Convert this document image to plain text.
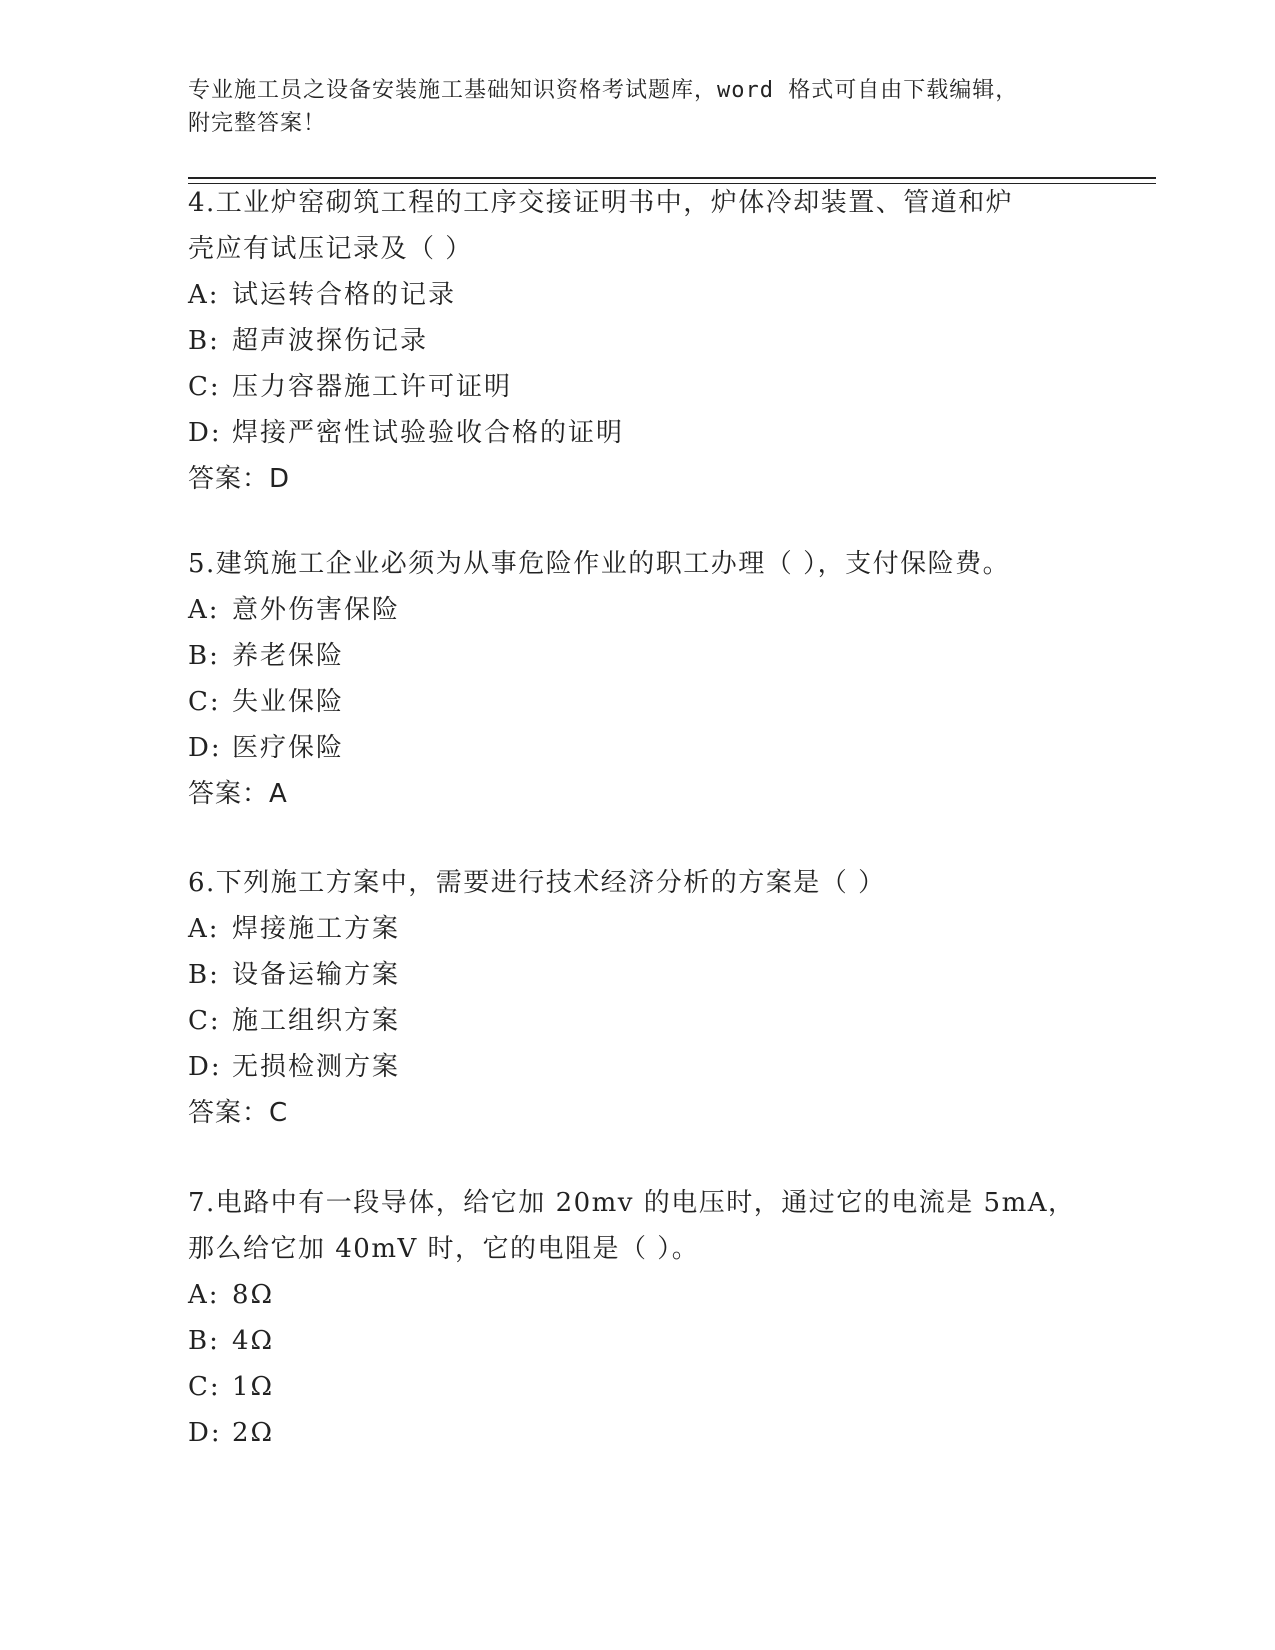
专业施工员之设备安装施工基础知识资格考试题库，word 格式可自由下载编辑，
附完整答案！
4.工业炉窑砌筑工程的工序交接证明书中，炉体冷却装置、管道和炉
壳应有试压记录及（ ）
A: 试运转合格的记录
B: 超声波探伤记录
C: 压力容器施工许可证明
D: 焊接严密性试验验收合格的证明
答案：D
5.建筑施工企业必须为从事危险作业的职工办理（ ），支付保险费。
A: 意外伤害保险
B: 养老保险
C: 失业保险
D: 医疗保险
答案：A
6.下列施工方案中，需要进行技术经济分析的方案是（ ）
A: 焊接施工方案
B: 设备运输方案
C: 施工组织方案
D: 无损检测方案
答案：C
7.电路中有一段导体，给它加 20mv 的电压时，通过它的电流是 5mA，
那么给它加 40mV 时，它的电阻是（ ）。
A: 8Ω
B: 4Ω
C: 1Ω
D: 2Ω
